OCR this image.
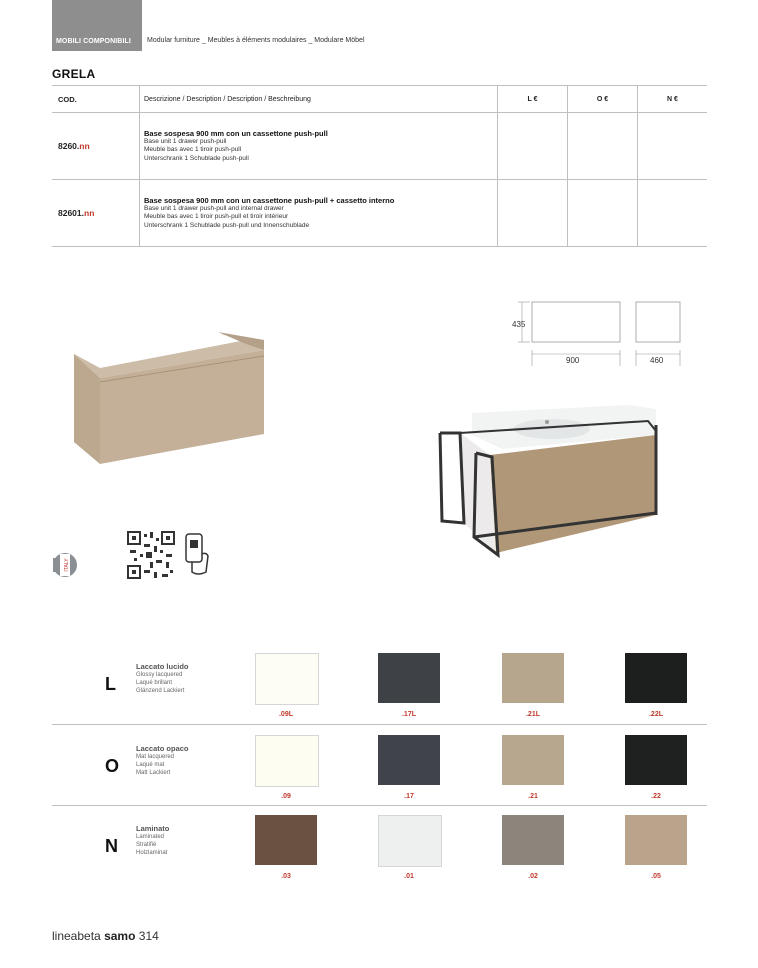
MOBILI COMPONIBILI Modular furniture _ Meubles à éléments modulaires _ Modulare Möbel
GRELA
COD.	Descrizione / Description / Description / Beschreibung	L €	O €	N €
8260.nn	Base sospesa 900 mm con un cassettone push-pull
Base unit 1 drawer push-pull
Meuble bas avec 1 tiroir push-pull
Unterschrank 1 Schublade push-pull			

82601.nn	Base sospesa 900 mm con un cassettone push-pull + cassetto interno
Base unit 1 drawer push-pull and internal drawer
Meuble bas avec 1 tiroir push-pull et tiroir intérieur
Unterschrank 1 Schublade push-pull und Innenschublade			

435
900	460
ITALY
L
Laccato lucido
Glossy lacquered
Laqué brillant
Glänzend Lackiert
O
Laccato opaco
Mat lacquered
Laqué mat
Matt Lackiert
N
Laminato
Laminated
Stratifié
Holzlaminat
.09L	.17L	.21L	.22L
.09	.17	.21	.22
.03	.01	.02	.05
lineabeta samo 314
